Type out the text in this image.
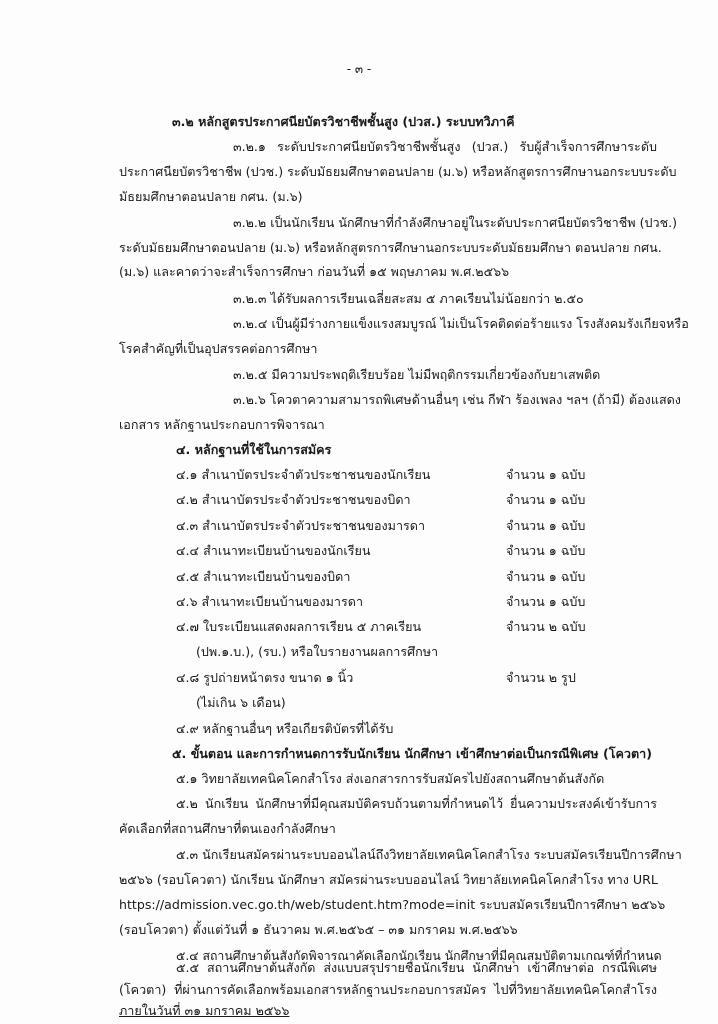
- ๓ -
๓.๒ หลักสูตรประกาศนียบัตรวิชาชีพชั้นสูง (ปวส.) ระบบทวิภาคี
๓.๒.๑ ระดับประกาศนียบัตรวิชาชีพชั้นสูง (ปวส.) รับผู้สำเร็จการศึกษาระดับ
ประกาศนียบัตรวิชาชีพ (ปวช.) ระดับมัธยมศึกษาตอนปลาย (ม.๖) หรือหลักสูตรการศึกษานอกระบบระดับ
มัธยมศึกษาตอนปลาย กศน. (ม.๖)
๓.๒.๒ เป็นนักเรียน นักศึกษาที่กำลังศึกษาอยู่ในระดับประกาศนียบัตรวิชาชีพ (ปวช.)
ระดับมัธยมศึกษาตอนปลาย (ม.๖) หรือหลักสูตรการศึกษานอกระบบระดับมัธยมศึกษา ตอนปลาย กศน.
(ม.๖) และคาดว่าจะสำเร็จการศึกษา ก่อนวันที่ ๑๕ พฤษภาคม พ.ศ.๒๕๖๖
๓.๒.๓ ได้รับผลการเรียนเฉลี่ยสะสม ๕ ภาคเรียนไม่น้อยกว่า ๒.๕๐
๓.๒.๔ เป็นผู้มีร่างกายแข็งแรงสมบูรณ์ ไม่เป็นโรคติดต่อร้ายแรง โรงสังคมรังเกียจหรือ
โรคสำคัญที่เป็นอุปสรรคต่อการศึกษา
๓.๒.๕ มีความประพฤติเรียบร้อย ไม่มีพฤติกรรมเกี่ยวข้องกับยาเสพติด
๓.๒.๖ โควตาความสามารถพิเศษด้านอื่นๆ เช่น กีฬา ร้องเพลง ฯลฯ (ถ้ามี) ต้องแสดง
เอกสาร หลักฐานประกอบการพิจารณา
๔. หลักฐานที่ใช้ในการสมัคร
๔.๑ สำเนาบัตรประจำตัวประชาชนของนักเรียน	จำนวน ๑ ฉบับ
๔.๒ สำเนาบัตรประจำตัวประชาชนของบิดา	จำนวน ๑ ฉบับ
๔.๓ สำเนาบัตรประจำตัวประชาชนของมารดา	จำนวน ๑ ฉบับ
๔.๔ สำเนาทะเบียนบ้านของนักเรียน	จำนวน ๑ ฉบับ
๔.๕ สำเนาทะเบียนบ้านของบิดา	จำนวน ๑ ฉบับ
๔.๖ สำเนาทะเบียนบ้านของมารดา	จำนวน ๑ ฉบับ
๔.๗ ใบระเบียนแสดงผลการเรียน ๕ ภาคเรียน	จำนวน ๒ ฉบับ
(ปพ.๑.บ.), (รบ.) หรือใบรายงานผลการศึกษา
๔.๘ รูปถ่ายหน้าตรง ขนาด ๑ นิ้ว	จำนวน ๒ รูป
(ไม่เกิน ๖ เดือน)
๔.๙ หลักฐานอื่นๆ หรือเกียรติบัตรที่ได้รับ
๕. ขั้นตอน และการกำหนดการรับนักเรียน นักศึกษา เข้าศึกษาต่อเป็นกรณีพิเศษ (โควตา)
๕.๑ วิทยาลัยเทคนิคโคกสำโรง ส่งเอกสารการรับสมัครไปยังสถานศึกษาต้นสังกัด
๕.๒ นักเรียน นักศึกษาที่มีคุณสมบัติครบถ้วนตามที่กำหนดไว้ ยื่นความประสงค์เข้ารับการ
คัดเลือกที่สถานศึกษาที่ตนเองกำลังศึกษา
๕.๓ นักเรียนสมัครผ่านระบบออนไลน์ถึงวิทยาลัยเทคนิคโคกสำโรง ระบบสมัครเรียนปีการศึกษา
๒๕๖๖ (รอบโควตา) นักเรียน นักศึกษา สมัครผ่านระบบออนไลน์ วิทยาลัยเทคนิคโคกสำโรง ทาง URL
https://admission.vec.go.th/web/student.htm?mode=init ระบบสมัครเรียนปีการศึกษา ๒๕๖๖
(รอบโควตา) ตั้งแต่วันที่ ๑ ธันวาคม พ.ศ.๒๕๖๕ – ๓๑ มกราคม พ.ศ.๒๕๖๖
๕.๔ สถานศึกษาต้นสังกัดพิจารณาคัดเลือกนักเรียน นักศึกษาที่มีคุณสมบัติตามเกณฑ์ที่กำหนด
๕.๕ สถานศึกษาต้นสังกัด ส่งแบบสรุปรายชื่อนักเรียน นักศึกษา เข้าศึกษาต่อ กรณีพิเศษ
(โควตา) ที่ผ่านการคัดเลือกพร้อมเอกสารหลักฐานประกอบการสมัคร ไปที่วิทยาลัยเทคนิคโคกสำโรง
ภายในวันที่ ๓๑ มกราคม ๒๕๖๖
